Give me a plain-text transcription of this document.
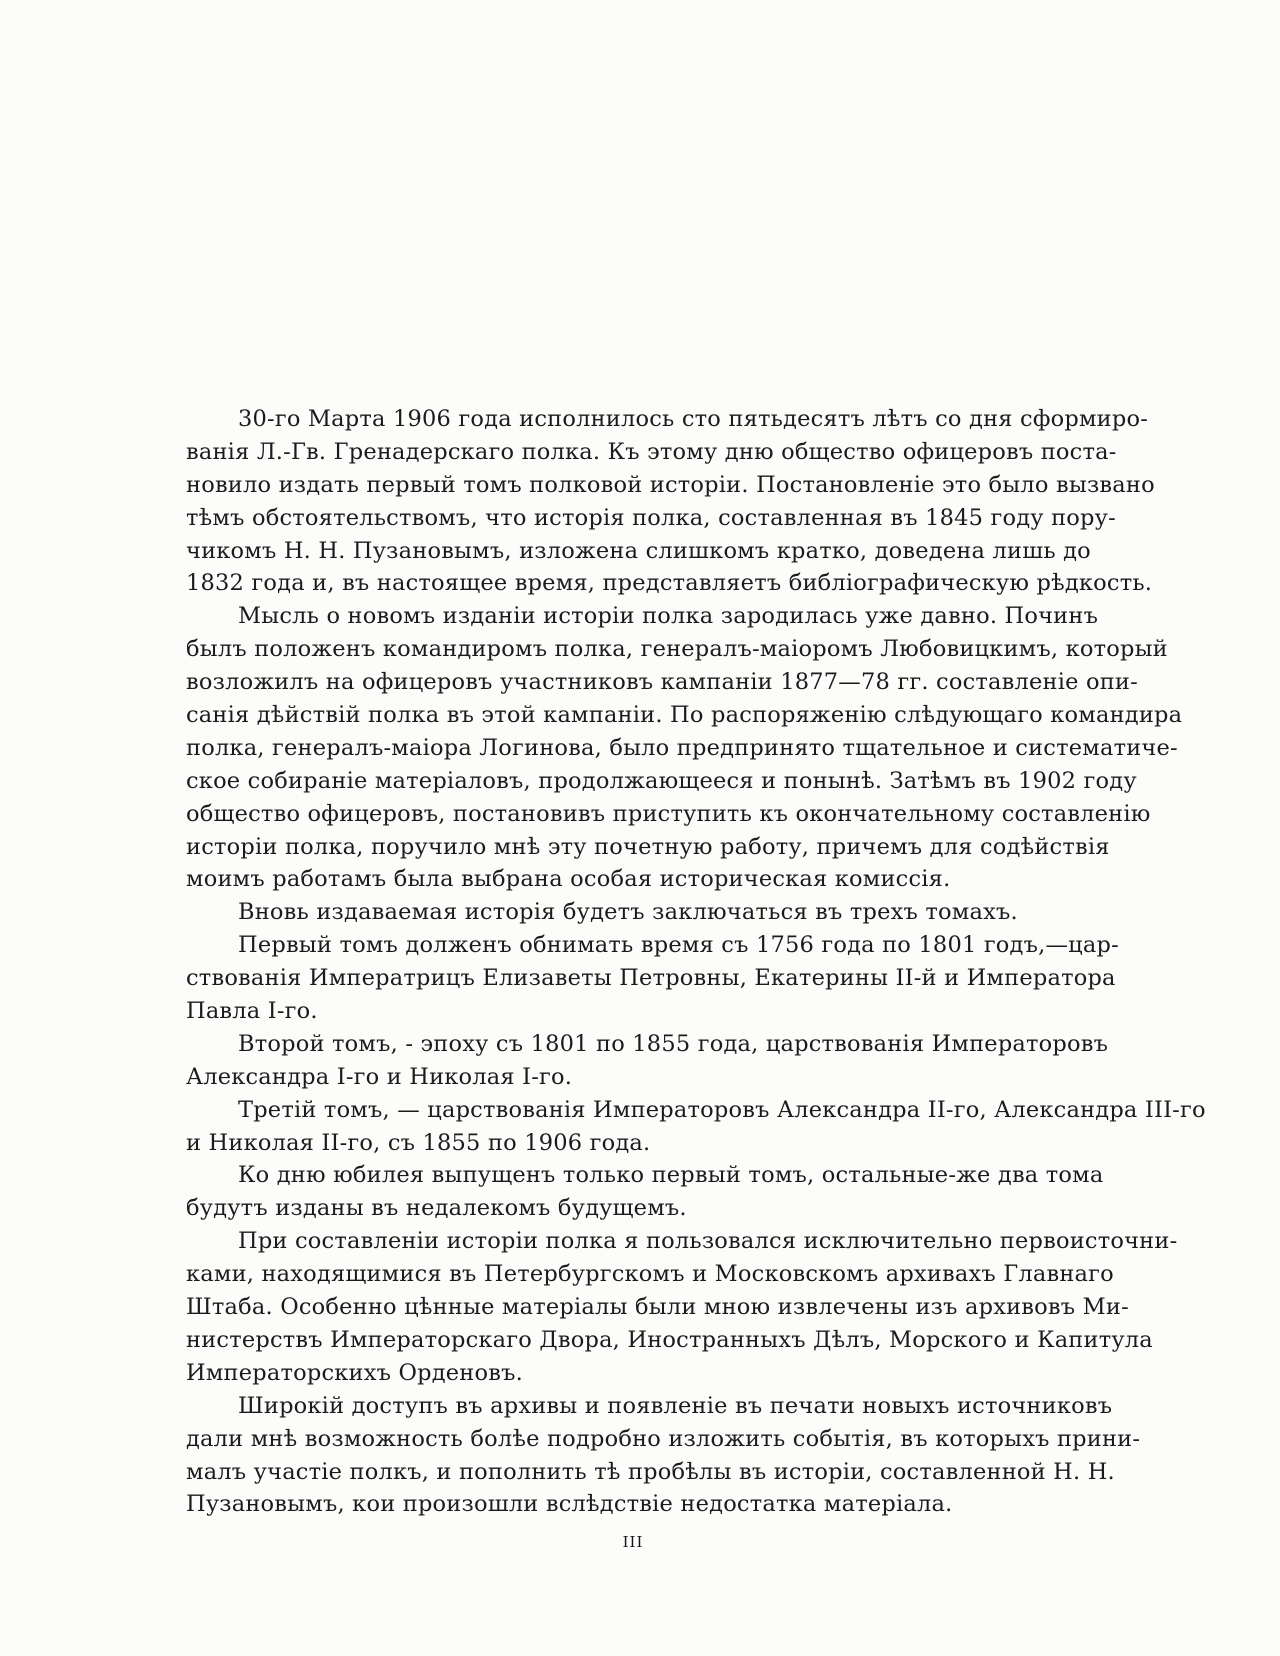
30-го Марта 1906 года исполнилось сто пятьдесятъ лѣтъ со дня сформиро-
ванія Л.-Гв. Гренадерскаго полка. Къ этому дню общество офицеровъ поста-
новило издать первый томъ полковой исторіи. Постановленіе это было вызвано
тѣмъ обстоятельствомъ, что исторія полка, составленная въ 1845 году пору-
чикомъ Н. Н. Пузановымъ, изложена слишкомъ кратко, доведена лишь до
1832 года и, въ настоящее время, представляетъ библіографическую рѣдкость.
Мысль о новомъ изданіи исторіи полка зародилась уже давно. Починъ
былъ положенъ командиромъ полка, генералъ-маіоромъ Любовицкимъ, который
возложилъ на офицеровъ участниковъ кампаніи 1877—78 гг. составленіе опи-
санія дѣйствій полка въ этой кампаніи. По распоряженію слѣдующаго командира
полка, генералъ-маіора Логинова, было предпринято тщательное и систематиче-
ское собираніе матеріаловъ, продолжающееся и понынѣ. Затѣмъ въ 1902 году
общество офицеровъ, постановивъ приступить къ окончательному составленію
исторіи полка, поручило мнѣ эту почетную работу, причемъ для содѣйствія
моимъ работамъ была выбрана особая историческая комиссія.
Вновь издаваемая исторія будетъ заключаться въ трехъ томахъ.
Первый томъ долженъ обнимать время съ 1756 года по 1801 годъ,—цар-
ствованія Императрицъ Елизаветы Петровны, Екатерины II-й и Императора
Павла I-го.
Второй томъ, - эпоху съ 1801 по 1855 года, царствованія Императоровъ
Александра I-го и Николая I-го.
Третій томъ, — царствованія Императоровъ Александра II-го, Александра III-го
и Николая II-го, съ 1855 по 1906 года.
Ко дню юбилея выпущенъ только первый томъ, остальные-же два тома
будутъ изданы въ недалекомъ будущемъ.
При составленіи исторіи полка я пользовался исключительно первоисточни-
ками, находящимися въ Петербургскомъ и Московскомъ архивахъ Главнаго
Штаба. Особенно цѣнные матеріалы были мною извлечены изъ архивовъ Ми-
нистерствъ Императорскаго Двора, Иностранныхъ Дѣлъ, Морского и Капитула
Императорскихъ Орденовъ.
Широкій доступъ въ архивы и появленіе въ печати новыхъ источниковъ
дали мнѣ возможность болѣе подробно изложить событія, въ которыхъ прини-
малъ участіе полкъ, и пополнить тѣ пробѣлы въ исторіи, составленной Н. Н.
Пузановымъ, кои произошли вслѣдствіе недостатка матеріала.
III
